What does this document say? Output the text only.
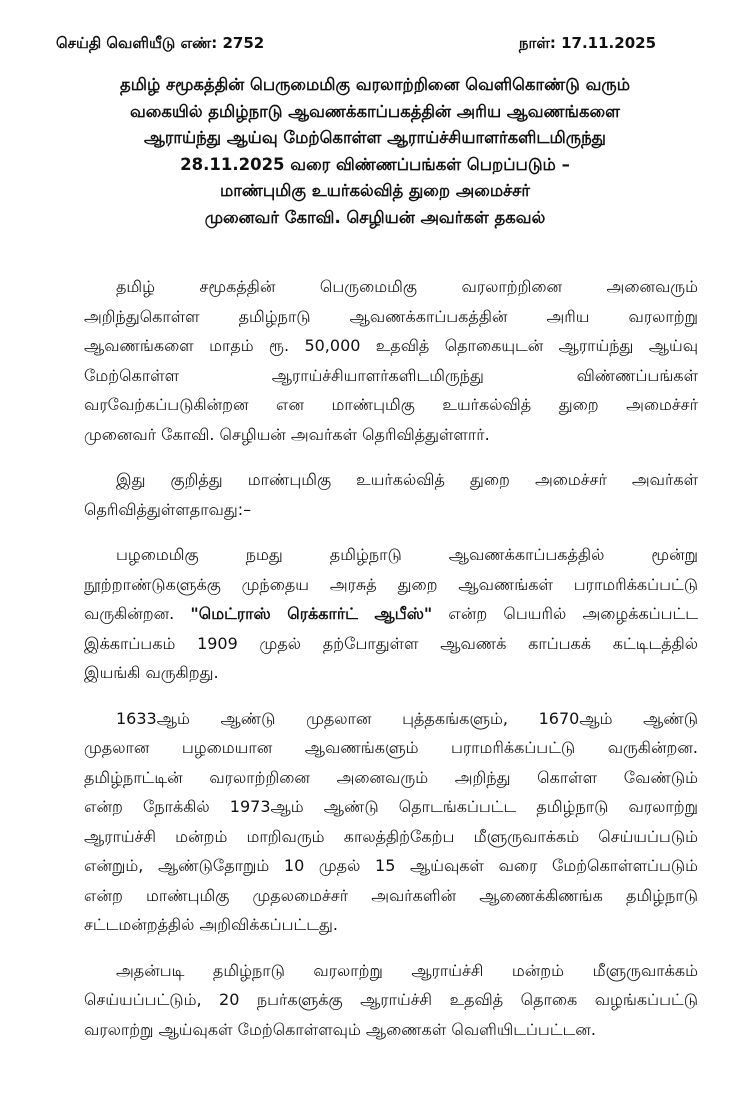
செய்தி வெளியீடு எண்: 2752	நாள்: 17.11.2025
தமிழ் சமூகத்தின் பெருமைமிகு வரலாற்றினை வெளிகொண்டு வரும்
வகையில் தமிழ்நாடு ஆவணக்காப்பகத்தின் அரிய ஆவணங்களை
ஆராய்ந்து ஆய்வு மேற்கொள்ள ஆராய்ச்சியாளர்களிடமிருந்து
28.11.2025 வரை விண்ணப்பங்கள் பெறப்படும் –
மாண்புமிகு உயர்கல்வித் துறை அமைச்சர்
முனைவர் கோவி. செழியன் அவர்கள் தகவல்
தமிழ் சமூகத்தின் பெருமைமிகு வரலாற்றினை அனைவரும்
அறிந்துகொள்ள தமிழ்நாடு ஆவணக்காப்பகத்தின் அரிய வரலாற்று
ஆவணங்களை மாதம் ரூ. 50,000 உதவித் தொகையுடன் ஆராய்ந்து ஆய்வு
மேற்கொள்ள ஆராய்ச்சியாளர்களிடமிருந்து விண்ணப்பங்கள்
வரவேற்கப்படுகின்றன என மாண்புமிகு உயர்கல்வித் துறை அமைச்சர்
முனைவர் கோவி. செழியன் அவர்கள் தெரிவித்துள்ளார்.
இது குறித்து மாண்புமிகு உயர்கல்வித் துறை அமைச்சர் அவர்கள்
தெரிவித்துள்ளதாவது:–
பழமைமிகு நமது தமிழ்நாடு ஆவணக்காப்பகத்தில் மூன்று
நூற்றாண்டுகளுக்கு முந்தைய அரசுத் துறை ஆவணங்கள் பராமரிக்கப்பட்டு
வருகின்றன. "மெட்ராஸ் ரெக்கார்ட் ஆபீஸ்" என்ற பெயரில் அழைக்கப்பட்ட
இக்காப்பகம் 1909 முதல் தற்போதுள்ள ஆவணக் காப்பகக் கட்டிடத்தில்
இயங்கி வருகிறது.
1633ஆம் ஆண்டு முதலான புத்தகங்களும், 1670ஆம் ஆண்டு
முதலான பழமையான ஆவணங்களும் பராமரிக்கப்பட்டு வருகின்றன.
தமிழ்நாட்டின் வரலாற்றினை அனைவரும் அறிந்து கொள்ள வேண்டும்
என்ற நோக்கில் 1973ஆம் ஆண்டு தொடங்கப்பட்ட தமிழ்நாடு வரலாற்று
ஆராய்ச்சி மன்றம் மாறிவரும் காலத்திற்கேற்ப மீளுருவாக்கம் செய்யப்படும்
என்றும், ஆண்டுதோறும் 10 முதல் 15 ஆய்வுகள் வரை மேற்கொள்ளப்படும்
என்ற மாண்புமிகு முதலமைச்சர் அவர்களின் ஆணைக்கிணங்க தமிழ்நாடு
சட்டமன்றத்தில் அறிவிக்கப்பட்டது.
அதன்படி தமிழ்நாடு வரலாற்று ஆராய்ச்சி மன்றம் மீளுருவாக்கம்
செய்யப்பட்டும், 20 நபர்களுக்கு ஆராய்ச்சி உதவித் தொகை வழங்கப்பட்டு
வரலாற்று ஆய்வுகள் மேற்கொள்ளவும் ஆணைகள் வெளியிடப்பட்டன.
